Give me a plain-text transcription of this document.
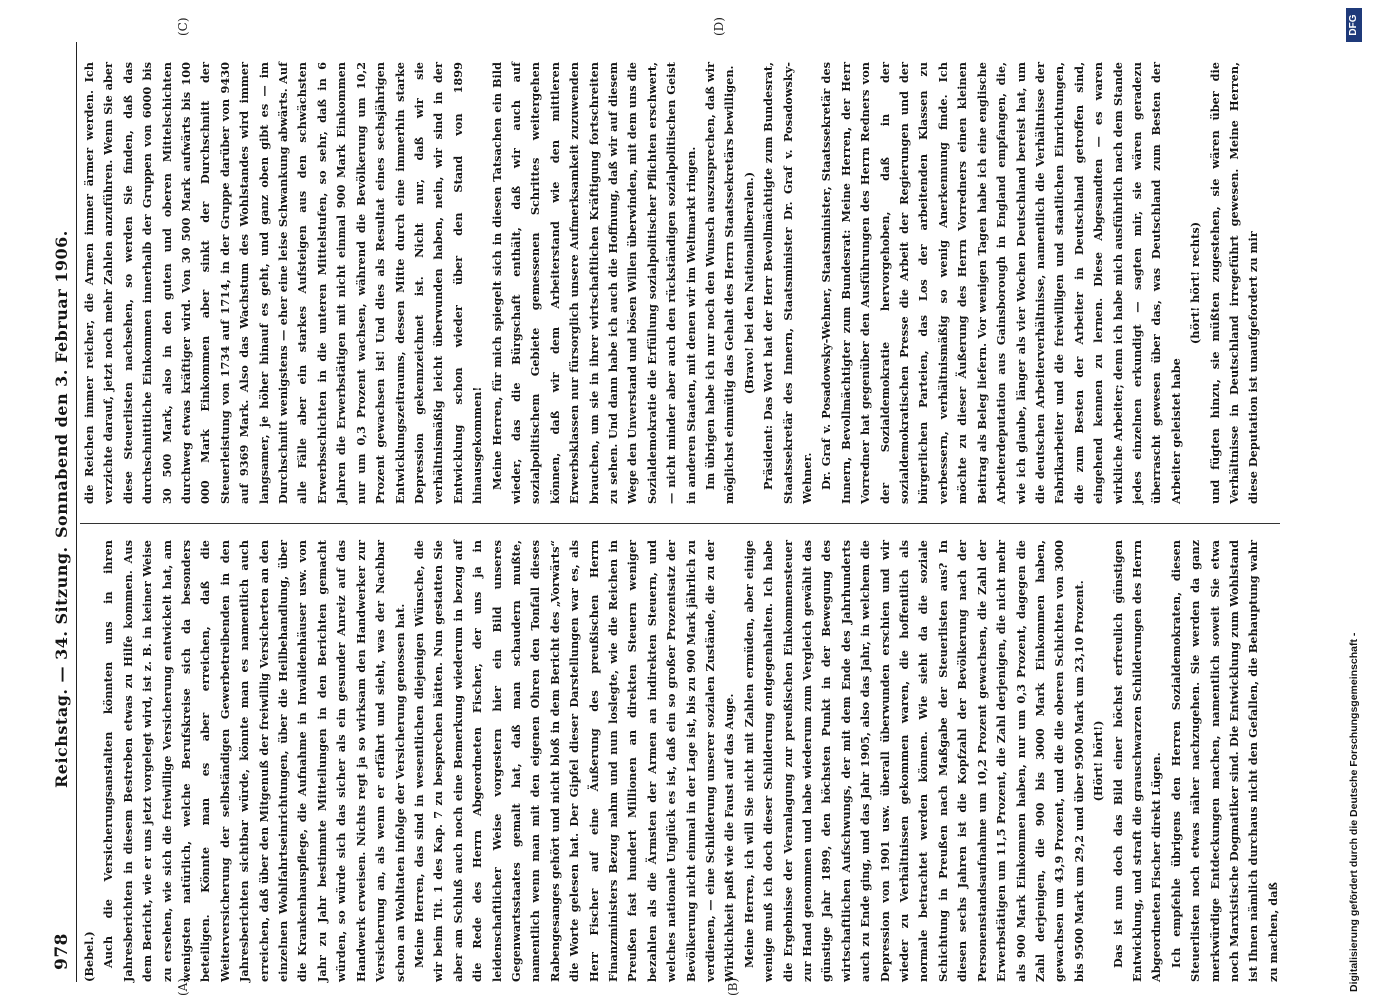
978
Reichstag. — 34. Sitzung.
Sonnabend den 3. Februar 1906.
(A)	(B)
(C)	(D)

(Bebel.) Auch die Versicherungsanstalten könnten uns in ihren Jahresberichten in diesem Bestreben etwas zu Hilfe kommen. Aus dem Bericht, wie er uns jetzt vorgelegt wird, ist z. B. in keiner Weise zu ersehen, wie sich die freiwillige Versicherung entwickelt hat, am wenigsten natürlich, welche Berufskreise sich da besonders beteiligen. Könnte man es aber erreichen, daß die Weiterversicherung der selbständigen Gewerbetreibenden in den Jahresberichten sichtbar würde, könnte man es namentlich auch erreichen, daß über den Mitgenuß der freiwillig Versicherten an den einzelnen Wohlfahrtseinrichtungen, über die Heilbehandlung, über die Krankenhauspflege, die Aufnahme in Invalidenhäuser usw. von Jahr zu Jahr bestimmte Mitteilungen in den Berichten gemacht würden, so würde sich das sicher als ein gesunder Anreiz auf das Handwerk erweisen. Nichts regt ja so wirksam den Handwerker zur Versicherung an, als wenn er erfährt und sieht, was der Nachbar schon an Wohltaten infolge der Versicherung genossen hat. Meine Herren, das sind in wesentlichen diejenigen Wünsche, die wir beim Tit. 1 des Kap. 7 zu besprechen hätten. Nun gestatten Sie aber am Schluß auch noch eine Bemerkung wiederum in bezug auf die Rede des Herrn Abgeordneten Fischer, der uns ja in leidenschaftlicher Weise vorgestern hier ein Bild unseres Gegenwartsstaates gemalt hat, daß man schaudern mußte, namentlich wenn man mit den eigenen Ohren den Tonfall dieses Rabengesanges gehört und nicht bloß in dem Bericht des „Vorwärts“ die Worte gelesen hat. Der Gipfel dieser Darstellungen war es, als Herr Fischer auf eine Äußerung des preußischen Herrn Finanzministers Bezug nahm und nun loslegte, wie die Reichen in Preußen fast hundert Millionen an direkten Steuern weniger bezahlen als die Ärmsten der Armen an indirekten Steuern, und welches nationale Unglück es ist, daß ein so großer Prozentsatz der Bevölkerung nicht einmal in der Lage ist, bis zu 900 Mark jährlich zu verdienen, — eine Schilderung unserer sozialen Zustände, die zu der Wirklichkeit paßt wie die Faust auf das Auge. Meine Herren, ich will Sie nicht mit Zahlen ermüden, aber einige wenige muß ich doch dieser Schilderung entgegenhalten. Ich habe die Ergebnisse der Veranlagung zur preußischen Einkommensteuer zur Hand genommen und habe wiederum zum Vergleich gewählt das günstige Jahr 1899, den höchsten Punkt in der Bewegung des wirtschaftlichen Aufschwungs, der mit dem Ende des Jahrhunderts auch zu Ende ging, und das Jahr 1905, also das Jahr, in welchem die Depression von 1901 usw. überall überwunden erschien und wir wieder zu Verhältnissen gekommen waren, die hoffentlich als normale betrachtet werden können. Wie sieht da die soziale Schichtung in Preußen nach Maßgabe der Steuerlisten aus? In diesen sechs Jahren ist die Kopfzahl der Bevölkerung nach der Personenstandsaufnahme um 10,2 Prozent gewachsen, die Zahl der Erwerbstätigen um 11,5 Prozent, die Zahl derjenigen, die nicht mehr als 900 Mark Einkommen haben, nur um 0,3 Prozent, dagegen die Zahl derjenigen, die 900 bis 3000 Mark Einkommen haben, gewachsen um 43,9 Prozent, und die die oberen Schichten von 3000 bis 9500 Mark um 29,2 und über 9500 Mark um 23,10 Prozent. (Hört! hört!) Das ist nun doch das Bild einer höchst erfreulich günstigen Entwicklung, und straft die grauschwarzen Schilderungen des Herrn Abgeordneten Fischer direkt Lügen. Ich empfehle übrigens den Herren Sozialdemokraten, diesen Steuerlisten noch etwas näher nachzugehen. Sie werden da ganz merkwürdige Entdeckungen machen, namentlich soweit Sie etwa noch Marxistische Dogmatiker sind. Die Entwicklung zum Wohlstand ist Ihnen nämlich durchaus nicht den Gefallen, die Behauptung wahr zu machen, daß

die Reichen immer reicher, die Armen immer ärmer werden. Ich verzichte darauf, jetzt noch mehr Zahlen anzuführen. Wenn Sie aber diese Steuerlisten nachsehen, so werden Sie finden, daß das durchschnittliche Einkommen innerhalb der Gruppen von 6000 bis 30 500 Mark, also in den guten und oberen Mittelschichten durchweg etwas kräftiger wird. Von 30 500 Mark aufwärts bis 100 000 Mark Einkommen aber sinkt der Durchschnitt der Steuerleistung von 1734 auf 1714, in der Gruppe darüber von 9430 auf 9369 Mark. Also das Wachstum des Wohlstandes wird immer langsamer, je höher hinauf es geht, und ganz oben gibt es — im Durchschnitt wenigstens — eher eine leise Schwankung abwärts. Auf alle Fälle aber ein starkes Aufsteigen aus den schwächsten Erwerbsschichten in die unteren Mittelstufen, so sehr, daß in 6 Jahren die Erwerbstätigen mit nicht einmal 900 Mark Einkommen nur um 0,3 Prozent wachsen, während die Bevölkerung um 10,2 Prozent gewachsen ist! Und dies als Resultat eines sechsjährigen Entwicklungszeitraums, dessen Mitte durch eine immerhin starke Depression gekennzeichnet ist. Nicht nur, daß wir sie verhältnismäßig leicht überwunden haben, nein, wir sind in der Entwicklung schon wieder über den Stand von 1899 hinausgekommen! Meine Herren, für mich spiegelt sich in diesen Tatsachen ein Bild wieder, das die Bürgschaft enthält, daß wir auch auf sozialpolitischem Gebiete gemessenen Schrittes weitergehen können, daß wir dem Arbeiterstand wie den mittleren Erwerbsklassen nur fürsorglich unsere Aufmerksamkeit zuzuwenden brauchen, um sie in ihrer wirtschaftlichen Kräftigung fortschreiten zu sehen. Und dann habe ich auch die Hoffnung, daß wir auf diesem Wege den Unverstand und bösen Willen überwinden, mit dem uns die Sozialdemokratie die Erfüllung sozialpolitischer Pflichten erschwert, — nicht minder aber auch den rückständigen sozialpolitischen Geist in anderen Staaten, mit denen wir im Weltmarkt ringen. Im übrigen habe ich nur noch den Wunsch auszusprechen, daß wir möglichst einmütig das Gehalt des Herrn Staatssekretärs bewilligen. (Bravo! bei den Nationalliberalen.) Präsident: Das Wort hat der Herr Bevollmächtigte zum Bundesrat, Staatssekretär des Innern, Staatsminister Dr. Graf v. Posadowsky-Wehner. Dr. Graf v. Posadowsky-Wehner, Staatsminister, Staatssekretär des Innern, Bevollmächtigter zum Bundesrat: Meine Herren, der Herr Vorredner hat gegenüber den Ausführungen des Herrn Redners von der Sozialdemokratie hervorgehoben, daß in der sozialdemokratischen Presse die Arbeit der Regierungen und der bürgerlichen Parteien, das Los der arbeitenden Klassen zu verbessern, verhältnismäßig so wenig Anerkennung finde. Ich möchte zu dieser Äußerung des Herrn Vorredners einen kleinen Beitrag als Beleg liefern. Vor wenigen Tagen habe ich eine englische Arbeiterdeputation aus Gainsborough in England empfangen, die, wie ich glaube, länger als vier Wochen Deutschland bereist hat, um die deutschen Arbeiterverhältnisse, namentlich die Verhältnisse der Fabrikarbeiter und die freiwilligen und staatlichen Einrichtungen, die zum Besten der Arbeiter in Deutschland getroffen sind, eingehend kennen zu lernen. Diese Abgesandten — es waren wirkliche Arbeiter; denn ich habe mich ausführlich nach dem Stande jedes einzelnen erkundigt — sagten mir, sie wären geradezu überrascht gewesen über das, was Deutschland zum Besten der Arbeiter geleistet habe

(hört! hört! rechts) und fügten hinzu, sie müßten zugestehen, sie wären über die Verhältnisse in Deutschland irregeführt gewesen. Meine Herren, diese Deputation ist unaufgefordert zu mir

Digitalisierung gefördert durch die Deutsche Forschungsgemeinschaft -
DFG
